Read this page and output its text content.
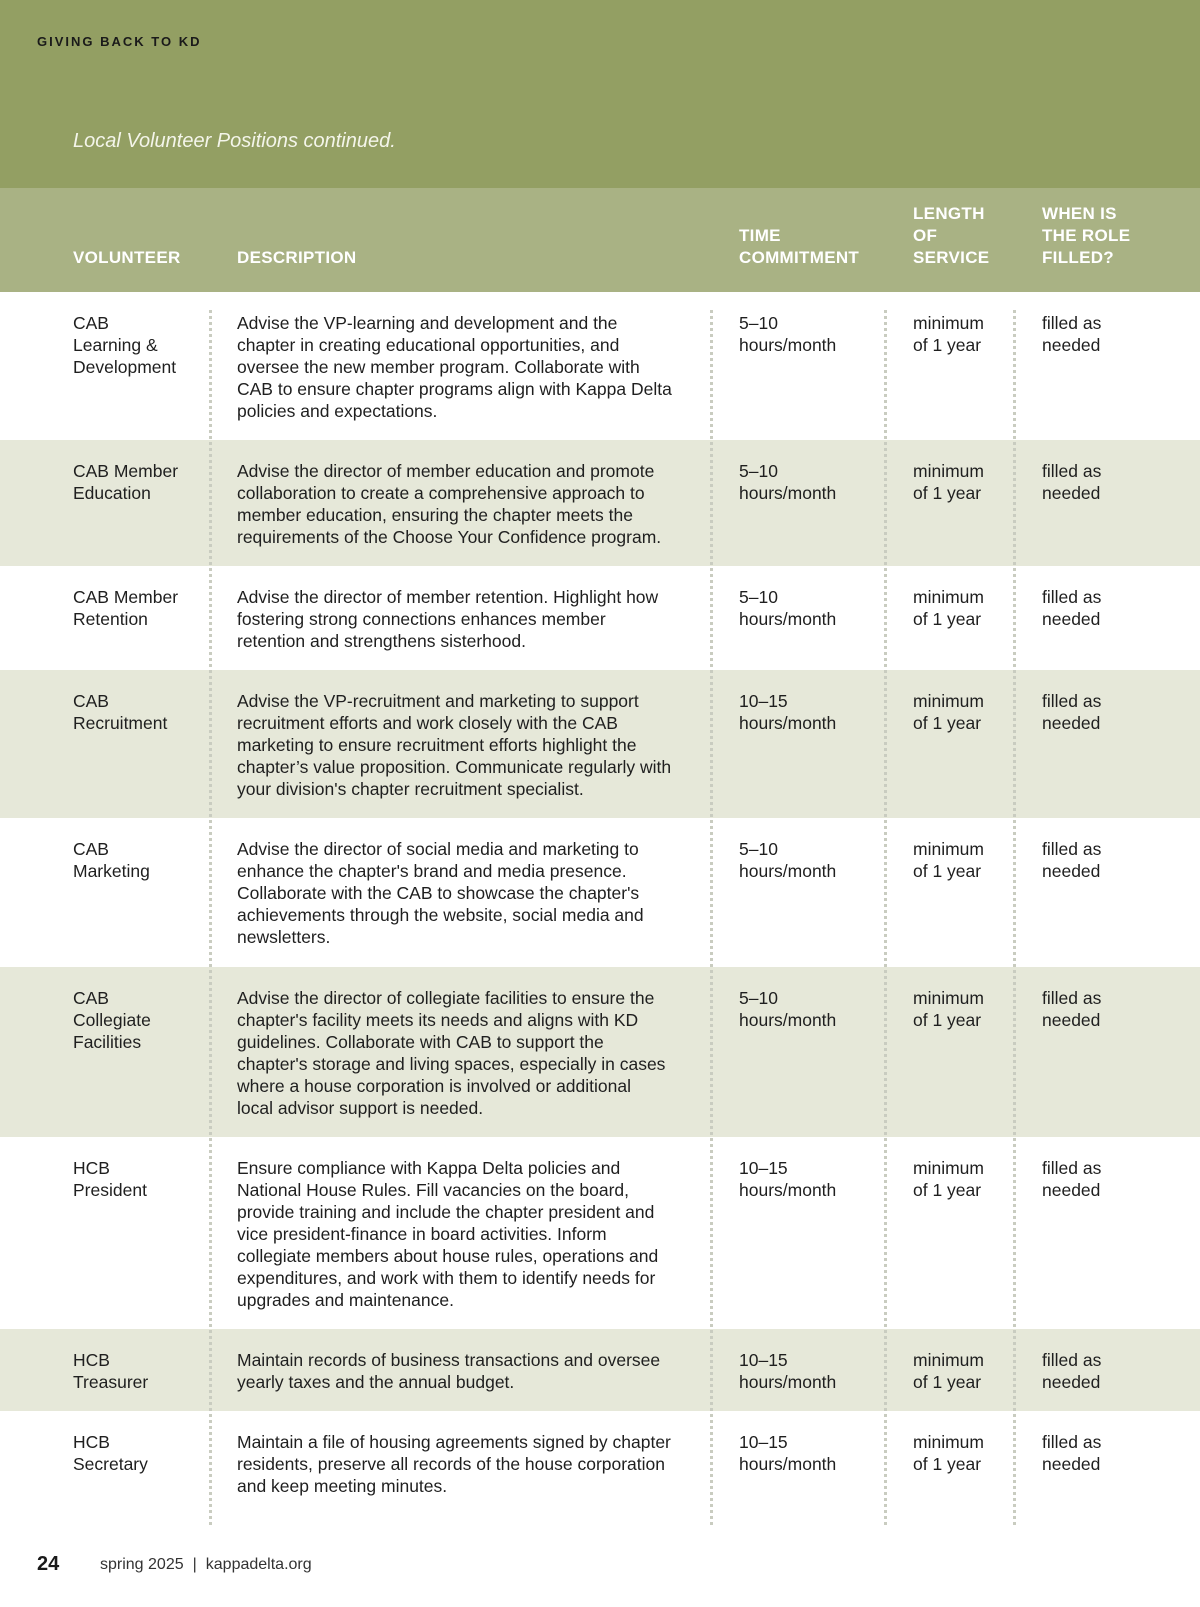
GIVING BACK TO KD
Local Volunteer Positions continued.
VOLUNTEER	DESCRIPTION
TIME
COMMITMENT
LENGTH
OF
SERVICE
WHEN IS
THE ROLE
FILLED?
CAB
Learning &
Development
Advise the VP-learning and development and the
chapter in creating educational opportunities, and
oversee the new member program. Collaborate with
CAB to ensure chapter programs align with Kappa Delta
policies and expectations.
5–10
hours/month
minimum
of 1 year
filled as
needed
CAB Member
Education
Advise the director of member education and promote
collaboration to create a comprehensive approach to
member education, ensuring the chapter meets the
requirements of the Choose Your Confidence program.
5–10
hours/month
minimum
of 1 year
filled as
needed
CAB Member
Retention
Advise the director of member retention. Highlight how
fostering strong connections enhances member
retention and strengthens sisterhood.
5–10
hours/month
minimum
of 1 year
filled as
needed
CAB
Recruitment
Advise the VP-recruitment and marketing to support
recruitment efforts and work closely with the CAB
marketing to ensure recruitment efforts highlight the
chapter’s value proposition. Communicate regularly with
your division's chapter recruitment specialist.
10–15
hours/month
minimum
of 1 year
filled as
needed
CAB
Marketing
Advise the director of social media and marketing to
enhance the chapter's brand and media presence.
Collaborate with the CAB to showcase the chapter's
achievements through the website, social media and
newsletters.
5–10
hours/month
minimum
of 1 year
filled as
needed
CAB
Collegiate
Facilities
Advise the director of collegiate facilities to ensure the
chapter's facility meets its needs and aligns with KD
guidelines. Collaborate with CAB to support the
chapter's storage and living spaces, especially in cases
where a house corporation is involved or additional
local advisor support is needed.
5–10
hours/month
minimum
of 1 year
filled as
needed
HCB
President
Ensure compliance with Kappa Delta policies and
National House Rules. Fill vacancies on the board,
provide training and include the chapter president and
vice president-finance in board activities. Inform
collegiate members about house rules, operations and
expenditures, and work with them to identify needs for
upgrades and maintenance.
10–15
hours/month
minimum
of 1 year
filled as
needed
HCB
Treasurer
Maintain records of business transactions and oversee
yearly taxes and the annual budget.
10–15
hours/month
minimum
of 1 year
filled as
needed
HCB
Secretary
Maintain a file of housing agreements signed by chapter
residents, preserve all records of the house corporation
and keep meeting minutes.
10–15
hours/month
minimum
of 1 year
filled as
needed
24	spring 2025 | kappadelta.org
